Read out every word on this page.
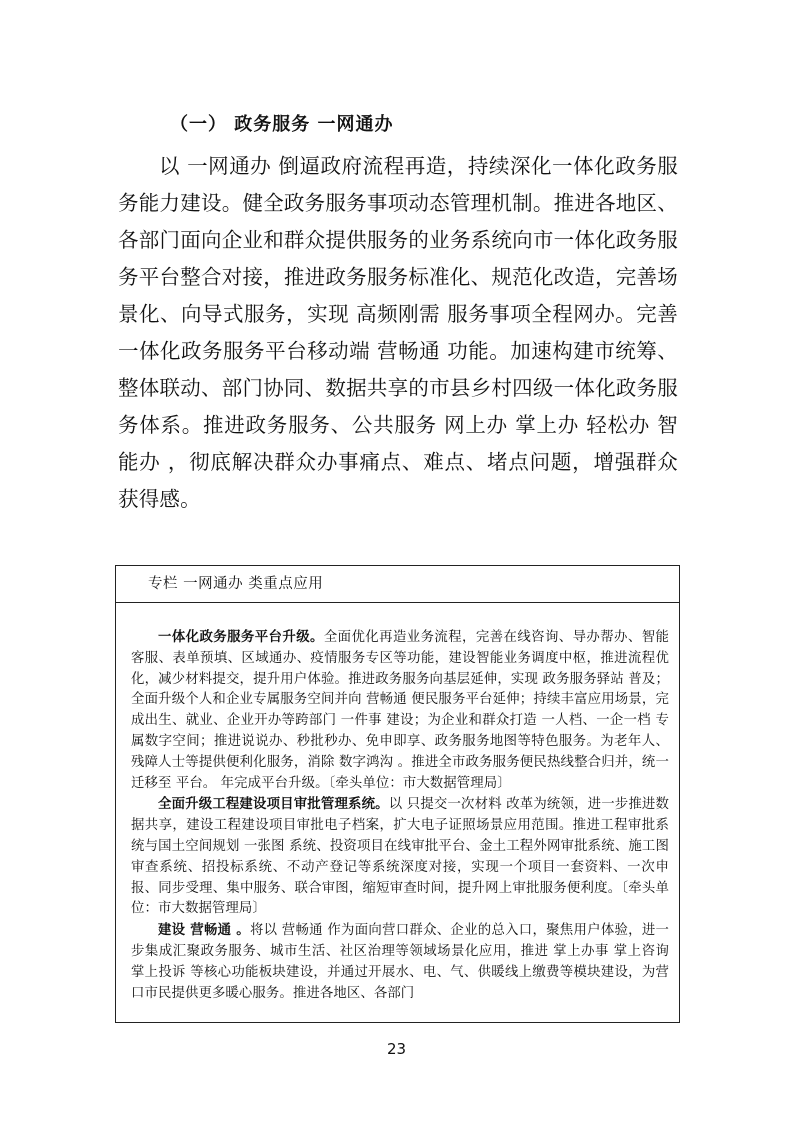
（一） 政务服务 一网通办

以 一网通办 倒逼政府流程再造，持续深化一体化政务服务能力建设。健全政务服务事项动态管理机制。推进各地区、各部门面向企业和群众提供服务的业务系统向市一体化政务服务平台整合对接，推进政务服务标准化、规范化改造，完善场景化、向导式服务，实现 高频刚需 服务事项全程网办。完善一体化政务服务平台移动端 营畅通 功能。加速构建市统筹、整体联动、部门协同、数据共享的市县乡村四级一体化政务服务体系。推进政务服务、公共服务 网上办 掌上办 轻松办 智能办 ，彻底解决群众办事痛点、难点、堵点问题，增强群众获得感。

专栏 一网通办 类重点应用

一体化政务服务平台升级。全面优化再造业务流程，完善在线咨询、导办帮办、智能客服、表单预填、区域通办、疫情服务专区等功能，建设智能业务调度中枢，推进流程优化，减少材料提交，提升用户体验。推进政务服务向基层延伸，实现 政务服务驿站 普及；全面升级个人和企业专属服务空间并向 营畅通 便民服务平台延伸；持续丰富应用场景，完成出生、就业、企业开办等跨部门 一件事 建设；为企业和群众打造 一人档、一企一档 专属数字空间；推进说说办、秒批秒办、免申即享、政务服务地图等特色服务。为老年人、残障人士等提供便利化服务，消除 数字鸿沟 。推进全市政务服务便民热线整合归并，统一迁移至 平台。 年完成平台升级。〔牵头单位：市大数据管理局〕

全面升级工程建设项目审批管理系统。以 只提交一次材料 改革为统领，进一步推进数据共享，建设工程建设项目审批电子档案，扩大电子证照场景应用范围。推进工程审批系统与国土空间规划 一张图 系统、投资项目在线审批平台、金土工程外网审批系统、施工图审查系统、招投标系统、不动产登记等系统深度对接，实现一个项目一套资料、一次申报、同步受理、集中服务、联合审图，缩短审查时间，提升网上审批服务便利度。〔牵头单位：市大数据管理局〕

建设 营畅通 。将以 营畅通 作为面向营口群众、企业的总入口，聚焦用户体验，进一步集成汇聚政务服务、城市生活、社区治理等领域场景化应用，推进 掌上办事 掌上咨询 掌上投诉 等核心功能板块建设，并通过开展水、电、气、供暖线上缴费等模块建设，为营口市民提供更多暖心服务。推进各地区、各部门

23
